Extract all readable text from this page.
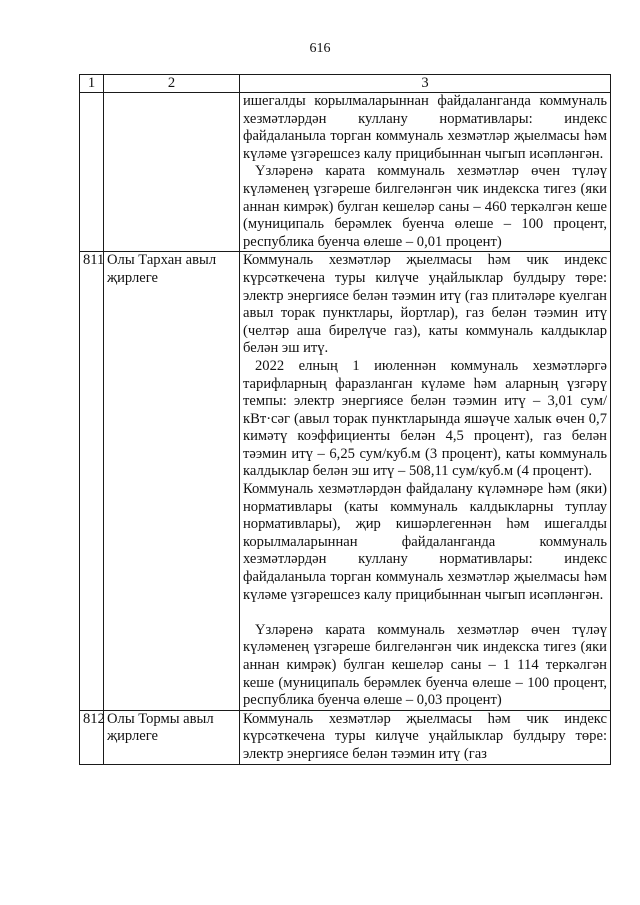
616
1	2	3

		ишегалды корылмаларыннан файдаланганда коммуналь хезмәтләрдән куллану нормативлары: индекс файдаланыла торган коммуналь хезмәтләр җыелмасы һәм күләме үзгәрешсез калу прицибыннан чыгып исәпләнгән.

Үзләренә карата коммуналь хезмәтләр өчен түләү күләменең үзгәреше билгеләнгән чик индекска тигез (яки аннан кимрәк) булган кешеләр саны – 460 теркәлгән кеше (муниципаль берәмлек буенча өлеше – 100 процент, республика буенча өлеше – 0,01 процент)

811	Олы Тархан авыл җирлеге	Коммуналь хезмәтләр җыелмасы һәм чик индекс күрсәткечена туры килүче уңайлыклар булдыру төре: электр энергиясе белән тәэмин итү (газ плитәләре куелган авыл торак пунктлары, йортлар), газ белән тәэмин итү (челтәр аша бирелүче газ), каты коммуналь калдыклар белән эш итү.

2022 елның 1 июленнән коммуналь хезмәтләргә тарифларның фаразланган күләме һәм аларның үзгәрү темпы: электр энергиясе белән тәэмин итү – 3,01 сум/кВт·сәг (авыл торак пунктларында яшәүче халык өчен 0,7 кимәтү коэффициенты белән 4,5 процент), газ белән тәэмин итү – 6,25 сум/куб.м (3 процент), каты коммуналь калдыклар белән эш итү – 508,11 сум/куб.м (4 процент).

Коммуналь хезмәтләрдән файдалану күләмнәре һәм (яки) нормативлары (каты коммуналь калдыкларны туплау нормативлары), җир кишәрлегеннән һәм ишегалды корылмаларыннан файдаланганда коммуналь хезмәтләрдән куллану нормативлары: индекс файдаланыла торган коммуналь хезмәтләр җыелмасы һәм күләме үзгәрешсез калу прицибыннан чыгып исәпләнгән.

Үзләренә карата коммуналь хезмәтләр өчен түләү күләменең үзгәреше билгеләнгән чик индекска тигез (яки аннан кимрәк) булган кешеләр саны – 1 114 теркәлгән кеше (муниципаль берәмлек буенча өлеше – 100 процент, республика буенча өлеше – 0,03 процент)

812	Олы Тормы авыл җирлеге	Коммуналь хезмәтләр җыелмасы һәм чик индекс күрсәткечена туры килүче уңайлыклар булдыру төре: электр энергиясе белән тәэмин итү (газ
